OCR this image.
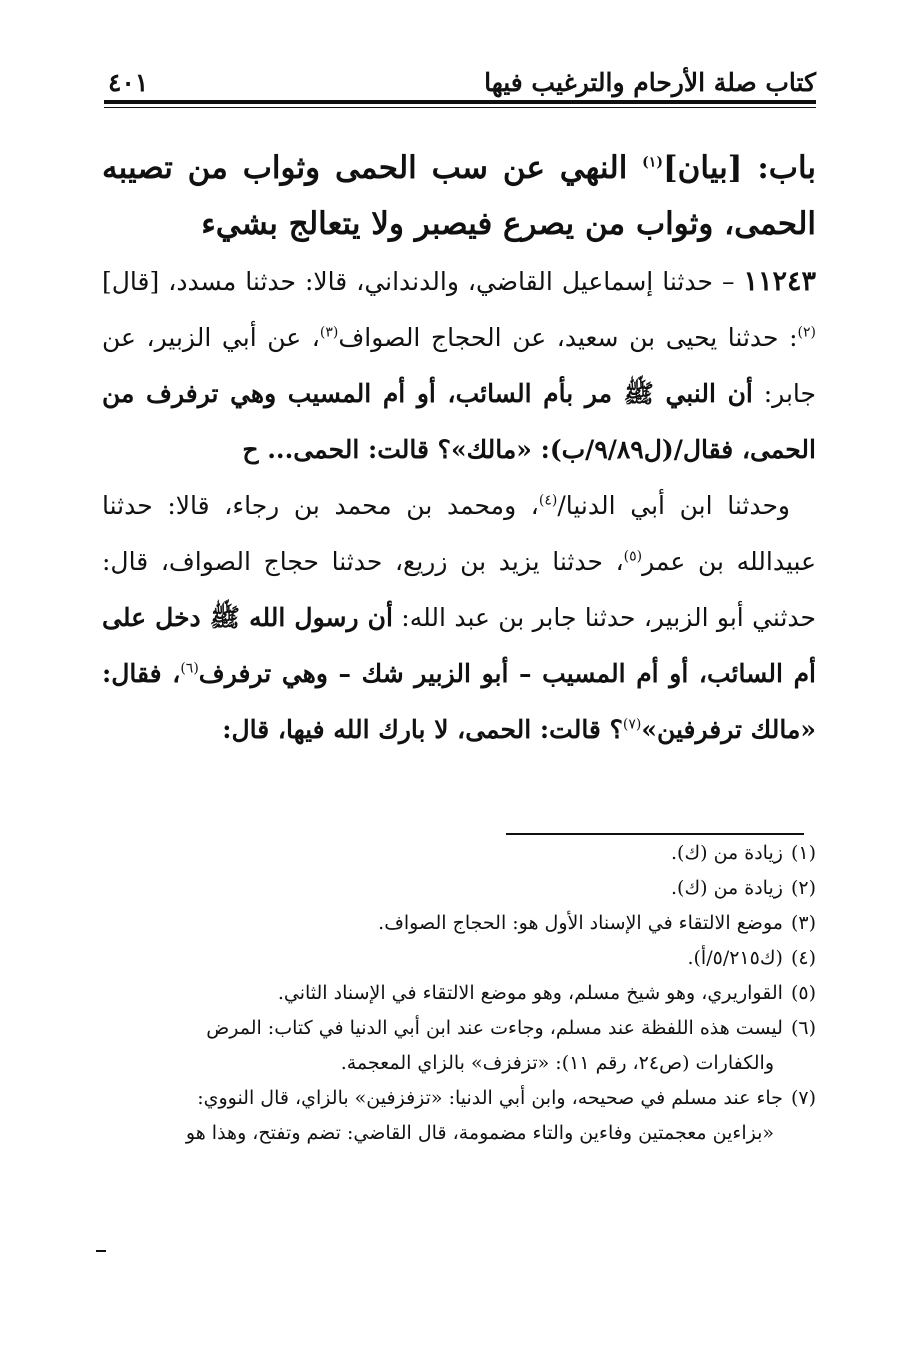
كتاب صلة الأرحام والترغيب فيها
٤٠١

باب: [بيان]$^{(١)}$ النهي عن سب الحمى وثواب من تصيبه الحمى، وثواب من يصرع فيصبر ولا يتعالج بشيء

١١٢٤٣ – حدثنا إسماعيل القاضي، والدنداني، قالا: حدثنا مسدد، [قال]$^{(٢)}$: حدثنا يحيى بن سعيد، عن الحجاج الصواف$^{(٣)}$، عن أبي الزبير، عن جابر: أن النبي ﷺ مر بأم السائب، أو أم المسيب وهي ترفرف من الحمى، فقال/(ل٩/٨٩/ب): «مالك»؟ قالت: الحمى... ح

وحدثنا ابن أبي الدنيا/$^{(٤)}$، ومحمد بن محمد بن رجاء، قالا: حدثنا عبيدالله بن عمر$^{(٥)}$، حدثنا يزيد بن زريع، حدثنا حجاج الصواف، قال: حدثني أبو الزبير، حدثنا جابر بن عبد الله: أن رسول الله ﷺ دخل على أم السائب، أو أم المسيب – أبو الزبير شك – وهي ترفرف$^{(٦)}$، فقال: «مالك ترفرفين»$^{(٧)}$؟ قالت: الحمى، لا بارك الله فيها، قال:

(١)زيادة من (ك).

(٢)زيادة من (ك).

(٣)موضع الالتقاء في الإسناد الأول هو: الحجاج الصواف.

(٤)(ك٥/٢١٥/أ).

(٥)القواريري، وهو شيخ مسلم، وهو موضع الالتقاء في الإسناد الثاني.

(٦)ليست هذه اللفظة عند مسلم، وجاءت عند ابن أبي الدنيا في كتاب: المرض

والكفارات (ص٢٤، رقم ١١): «تزفزف» بالزاي المعجمة.

(٧)جاء عند مسلم في صحيحه، وابن أبي الدنيا: «تزفزفين» بالزاي، قال النووي:

«بزاءين معجمتين وفاءين والتاء مضمومة، قال القاضي: تضم وتفتح، وهذا هو
